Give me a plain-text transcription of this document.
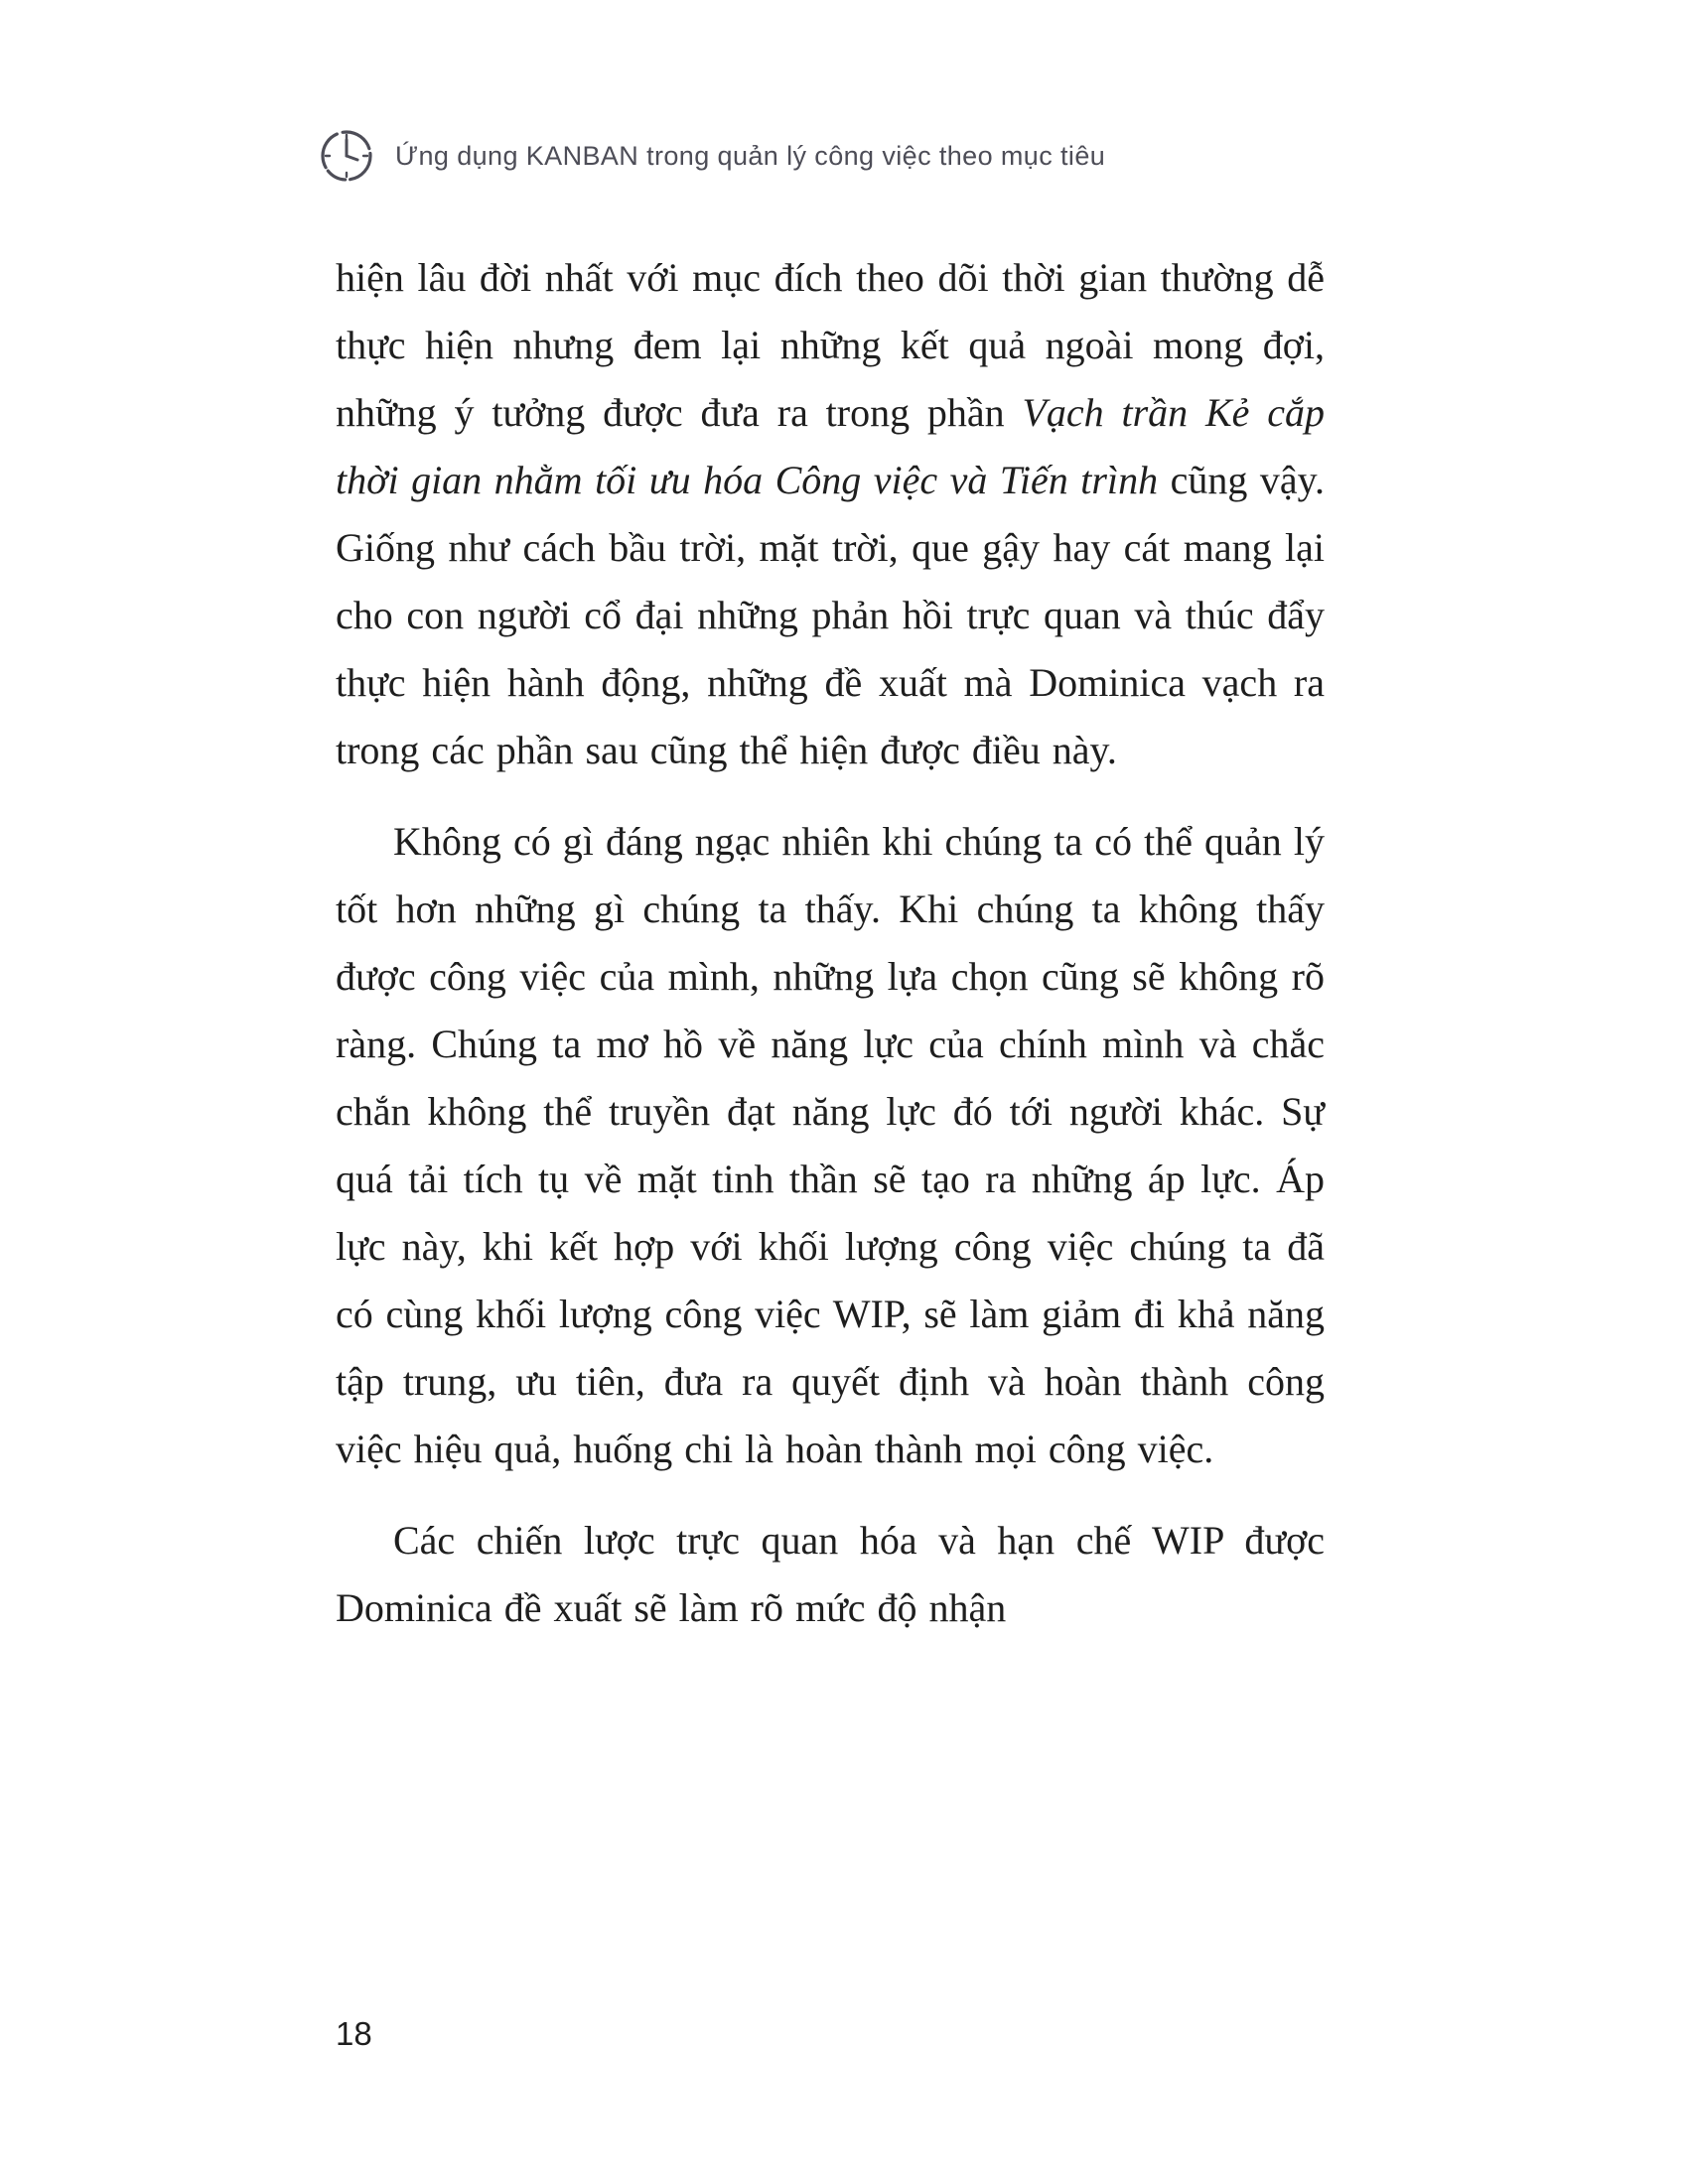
Ứng dụng KANBAN trong quản lý công việc theo mục tiêu

hiện lâu đời nhất với mục đích theo dõi thời gian thường dễ thực hiện nhưng đem lại những kết quả ngoài mong đợi, những ý tưởng được đưa ra trong phần Vạch trần Kẻ cắp thời gian nhằm tối ưu hóa Công việc và Tiến trình cũng vậy. Giống như cách bầu trời, mặt trời, que gậy hay cát mang lại cho con người cổ đại những phản hồi trực quan và thúc đẩy thực hiện hành động, những đề xuất mà Dominica vạch ra trong các phần sau cũng thể hiện được điều này.

Không có gì đáng ngạc nhiên khi chúng ta có thể quản lý tốt hơn những gì chúng ta thấy. Khi chúng ta không thấy được công việc của mình, những lựa chọn cũng sẽ không rõ ràng. Chúng ta mơ hồ về năng lực của chính mình và chắc chắn không thể truyền đạt năng lực đó tới người khác. Sự quá tải tích tụ về mặt tinh thần sẽ tạo ra những áp lực. Áp lực này, khi kết hợp với khối lượng công việc chúng ta đã có cùng khối lượng công việc WIP, sẽ làm giảm đi khả năng tập trung, ưu tiên, đưa ra quyết định và hoàn thành công việc hiệu quả, huống chi là hoàn thành mọi công việc.

Các chiến lược trực quan hóa và hạn chế WIP được Dominica đề xuất sẽ làm rõ mức độ nhận

18
